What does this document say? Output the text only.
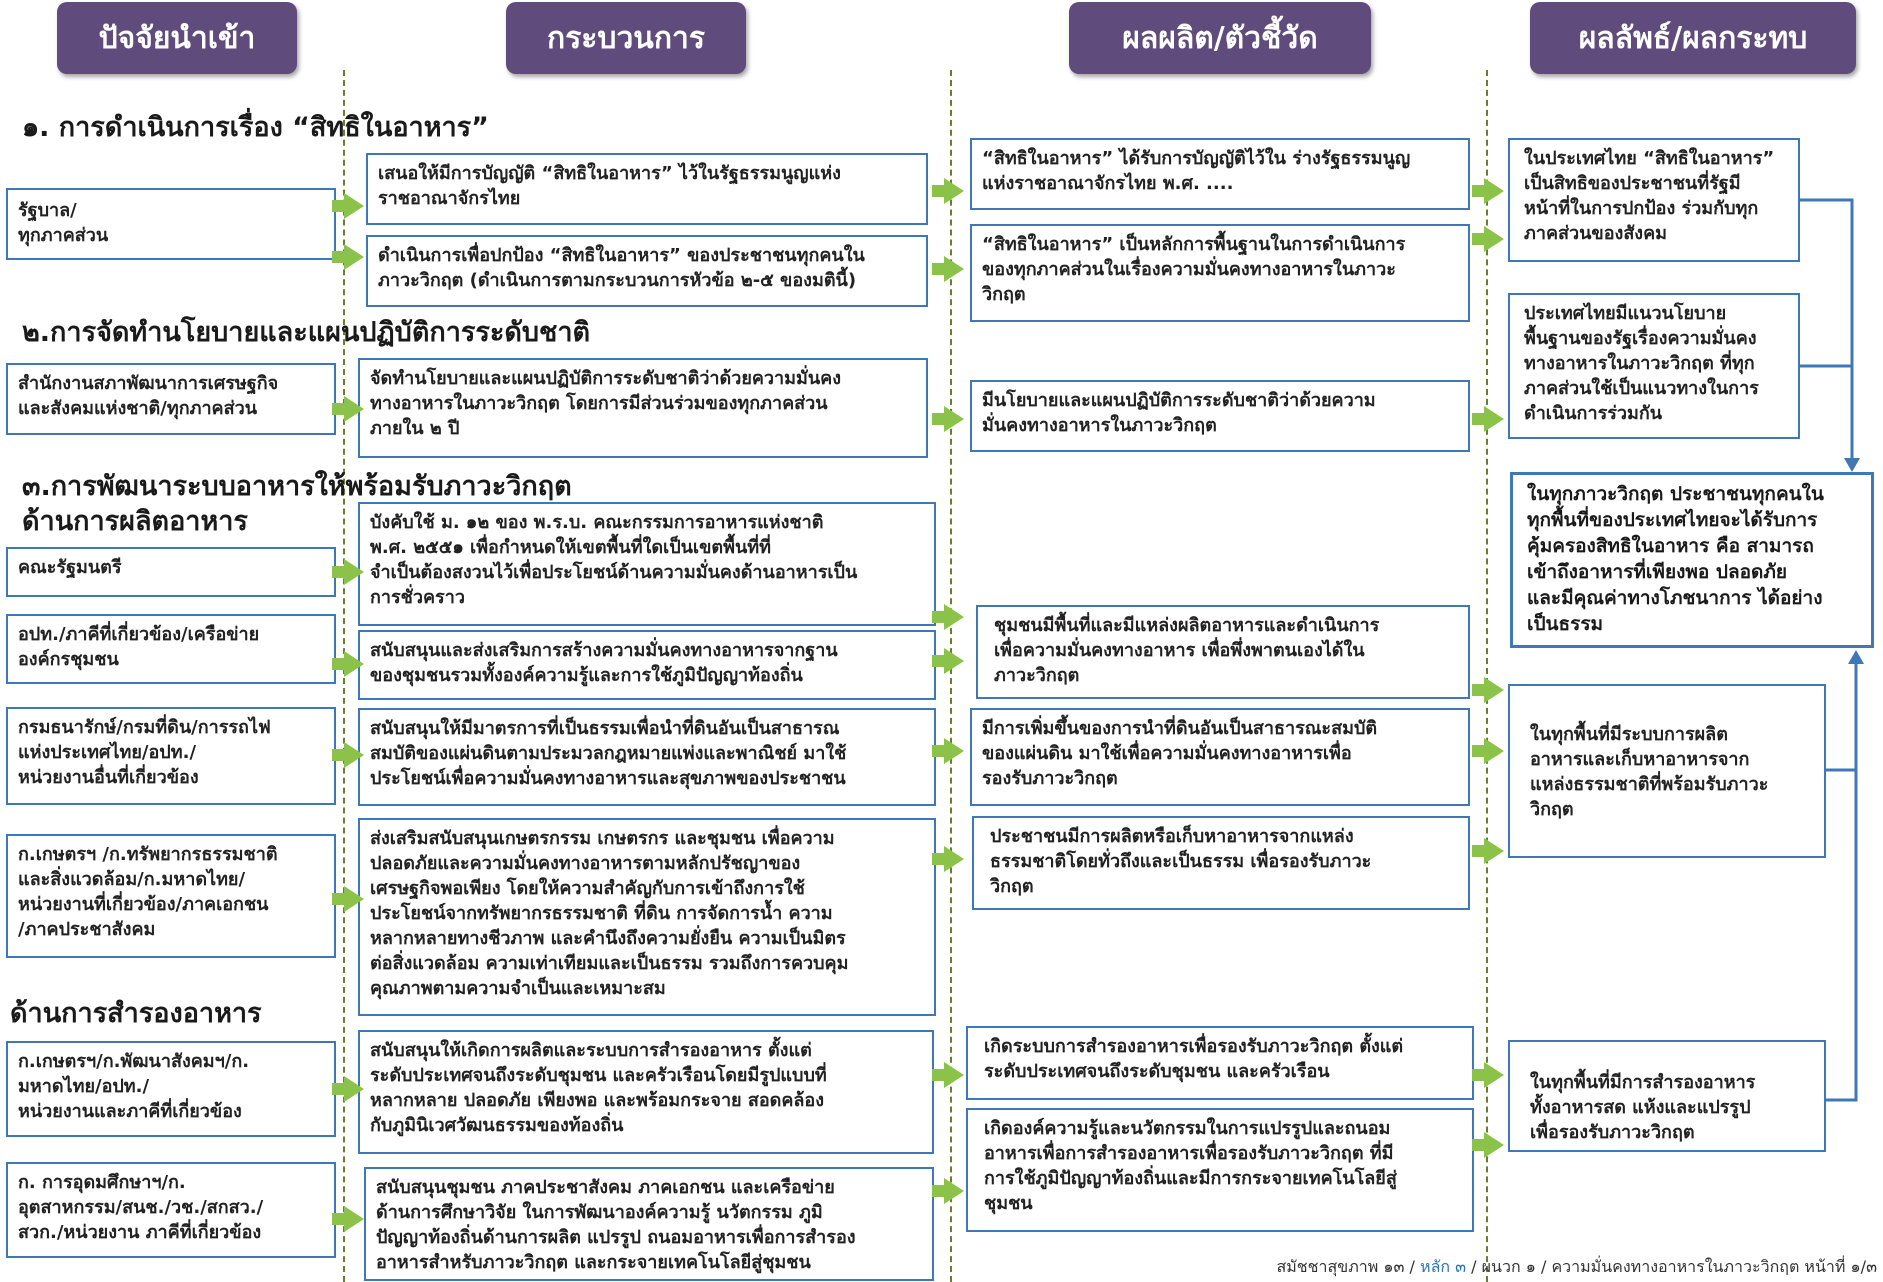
ปัจจัยนำเข้า	กระบวนการ	ผลผลิต/ตัวชี้วัด	ผลลัพธ์/ผลกระทบ
๑. การดำเนินการเรื่อง “สิทธิในอาหาร”
๒.การจัดทำนโยบายและแผนปฏิบัติการระดับชาติ
๓.การพัฒนาระบบอาหารให้พร้อมรับภาวะวิกฤต
ด้านการผลิตอาหาร
ด้านการสำรองอาหาร
รัฐบาล/
ทุกภาคส่วน
สำนักงานสภาพัฒนาการเศรษฐกิจ
และสังคมแห่งชาติ/ทุกภาคส่วน
คณะรัฐมนตรี
อปท./ภาคีที่เกี่ยวข้อง/เครือข่าย
องค์กรชุมชน
กรมธนารักษ์/กรมที่ดิน/การรถไฟ
แห่งประเทศไทย/อปท./
หน่วยงานอื่นที่เกี่ยวข้อง
ก.เกษตรฯ /ก.ทรัพยากรธรรมชาติ
และสิ่งแวดล้อม/ก.มหาดไทย/
หน่วยงานที่เกี่ยวข้อง/ภาคเอกชน
/ภาคประชาสังคม
ก.เกษตรฯ/ก.พัฒนาสังคมฯ/ก.
มหาดไทย/อปท./
หน่วยงานและภาคีที่เกี่ยวข้อง
ก. การอุดมศึกษาฯ/ก.
อุตสาหกรรม/สนช./วช./สกสว./
สวก./หน่วยงาน ภาคีที่เกี่ยวข้อง
เสนอให้มีการบัญญัติ “สิทธิในอาหาร” ไว้ในรัฐธรรมนูญแห่ง
ราชอาณาจักรไทย
ดำเนินการเพื่อปกป้อง “สิทธิในอาหาร” ของประชาชนทุกคนใน
ภาวะวิกฤต (ดำเนินการตามกระบวนการหัวข้อ ๒-๕ ของมตินี้)
จัดทำนโยบายและแผนปฏิบัติการระดับชาติว่าด้วยความมั่นคง
ทางอาหารในภาวะวิกฤต โดยการมีส่วนร่วมของทุกภาคส่วน
ภายใน ๒ ปี
บังคับใช้ ม. ๑๒ ของ พ.ร.บ. คณะกรรมการอาหารแห่งชาติ
พ.ศ. ๒๕๕๑ เพื่อกำหนดให้เขตพื้นที่ใดเป็นเขตพื้นที่ที่
จำเป็นต้องสงวนไว้เพื่อประโยชน์ด้านความมั่นคงด้านอาหารเป็น
การชั่วคราว
สนับสนุนและส่งเสริมการสร้างความมั่นคงทางอาหารจากฐาน
ของชุมชนรวมทั้งองค์ความรู้และการใช้ภูมิปัญญาท้องถิ่น
สนับสนุนให้มีมาตรการที่เป็นธรรมเพื่อนำที่ดินอันเป็นสาธารณ
สมบัติของแผ่นดินตามประมวลกฎหมายแพ่งและพาณิชย์ มาใช้
ประโยชน์เพื่อความมั่นคงทางอาหารและสุขภาพของประชาชน
ส่งเสริมสนับสนุนเกษตรกรรม เกษตรกร และชุมชน เพื่อความ
ปลอดภัยและความมั่นคงทางอาหารตามหลักปรัชญาของ
เศรษฐกิจพอเพียง โดยให้ความสำคัญกับการเข้าถึงการใช้
ประโยชน์จากทรัพยากรธรรมชาติ ที่ดิน การจัดการน้ำ ความ
หลากหลายทางชีวภาพ และคำนึงถึงความยั่งยืน ความเป็นมิตร
ต่อสิ่งแวดล้อม ความเท่าเทียมและเป็นธรรม รวมถึงการควบคุม
คุณภาพตามความจำเป็นและเหมาะสม
สนับสนุนให้เกิดการผลิตและระบบการสำรองอาหาร ตั้งแต่
ระดับประเทศจนถึงระดับชุมชน และครัวเรือนโดยมีรูปแบบที่
หลากหลาย ปลอดภัย เพียงพอ และพร้อมกระจาย สอดคล้อง
กับภูมินิเวศวัฒนธรรมของท้องถิ่น
สนับสนุนชุมชน ภาคประชาสังคม ภาคเอกชน และเครือข่าย
ด้านการศึกษาวิจัย ในการพัฒนาองค์ความรู้ นวัตกรรม ภูมิ
ปัญญาท้องถิ่นด้านการผลิต แปรรูป ถนอมอาหารเพื่อการสำรอง
อาหารสำหรับภาวะวิกฤต และกระจายเทคโนโลยีสู่ชุมชน
“สิทธิในอาหาร” ได้รับการบัญญัติไว้ใน ร่างรัฐธรรมนูญ
แห่งราชอาณาจักรไทย พ.ศ. ....
“สิทธิในอาหาร” เป็นหลักการพื้นฐานในการดำเนินการ
ของทุกภาคส่วนในเรื่องความมั่นคงทางอาหารในภาวะ
วิกฤต
มีนโยบายและแผนปฏิบัติการระดับชาติว่าด้วยความ
มั่นคงทางอาหารในภาวะวิกฤต
ชุมชนมีพื้นที่และมีแหล่งผลิตอาหารและดำเนินการ
เพื่อความมั่นคงทางอาหาร เพื่อพึ่งพาตนเองได้ใน
ภาวะวิกฤต
มีการเพิ่มขึ้นของการนำที่ดินอันเป็นสาธารณะสมบัติ
ของแผ่นดิน มาใช้เพื่อความมั่นคงทางอาหารเพื่อ
รองรับภาวะวิกฤต
ประชาชนมีการผลิตหรือเก็บหาอาหารจากแหล่ง
ธรรมชาติโดยทั่วถึงและเป็นธรรม เพื่อรองรับภาวะ
วิกฤต
เกิดระบบการสำรองอาหารเพื่อรองรับภาวะวิกฤต ตั้งแต่
ระดับประเทศจนถึงระดับชุมชน และครัวเรือน
เกิดองค์ความรู้และนวัตกรรมในการแปรรูปและถนอม
อาหารเพื่อการสำรองอาหารเพื่อรองรับภาวะวิกฤต ที่มี
การใช้ภูมิปัญญาท้องถิ่นและมีการกระจายเทคโนโลยีสู่
ชุมชน
ในประเทศไทย “สิทธิในอาหาร”
เป็นสิทธิของประชาชนที่รัฐมี
หน้าที่ในการปกป้อง ร่วมกับทุก
ภาคส่วนของสังคม
ประเทศไทยมีแนวนโยบาย
พื้นฐานของรัฐเรื่องความมั่นคง
ทางอาหารในภาวะวิกฤต ที่ทุก
ภาคส่วนใช้เป็นแนวทางในการ
ดำเนินการร่วมกัน
ในทุกพื้นที่มีระบบการผลิต
อาหารและเก็บหาอาหารจาก
แหล่งธรรมชาติที่พร้อมรับภาวะ
วิกฤต
ในทุกพื้นที่มีการสำรองอาหาร
ทั้งอาหารสด แห้งและแปรรูป
เพื่อรองรับภาวะวิกฤต
ในทุกภาวะวิกฤต ประชาชนทุกคนใน
ทุกพื้นที่ของประเทศไทยจะได้รับการ
คุ้มครองสิทธิในอาหาร คือ สามารถ
เข้าถึงอาหารที่เพียงพอ ปลอดภัย
และมีคุณค่าทางโภชนาการ ได้อย่าง
เป็นธรรม
สมัชชาสุขภาพ ๑๓ / หลัก ๓ / ผนวก ๑ / ความมั่นคงทางอาหารในภาวะวิกฤต หน้าที่ ๑/๓
